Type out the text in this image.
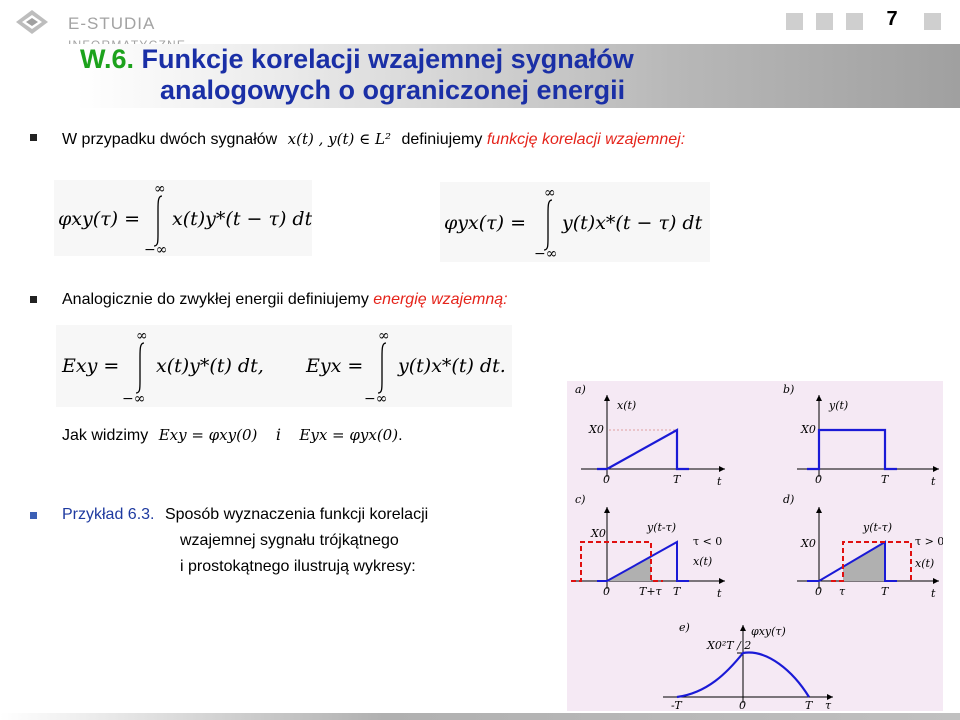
E-STUDIA	7
W.6. Funkcje korelacji wzajemnej sygnałów
analogowych o ograniczonej energii
W przypadku dwóch sygnałów x(t) , y(t) ∈ L² definiujemy funkcję korelacji wzajemnej:
φxy(τ) =
∞
−∞
x(t)y*(t − τ) dt	φyx(τ) =
∞
−∞
y(t)x*(t − τ) dt
Analogicznie do zwykłej energii definiujemy energię wzajemną:
Exy =
∞
−∞
x(t)y*(t) dt, Eyx =
∞
−∞
y(t)x*(t) dt.
Jak widzimy Exy = φxy(0) i Eyx = φyx(0).
Przykład 6.3. Sposób wyznaczenia funkcji korelacji
wzajemnej sygnału trójkątnego
i prostokątnego ilustrują wykresy:
a)
x(t)
X0
0	T	t
b)
y(t)
X0
0	T	t
c)
X0	y(t-τ)
τ < 0
x(t)
0	T+τ T	t
d)
X0
y(t-τ)
τ > 0
x(t)
0 τ	T	t
e)	φxy(τ)
X0²T / 2
-T	0	T τ
